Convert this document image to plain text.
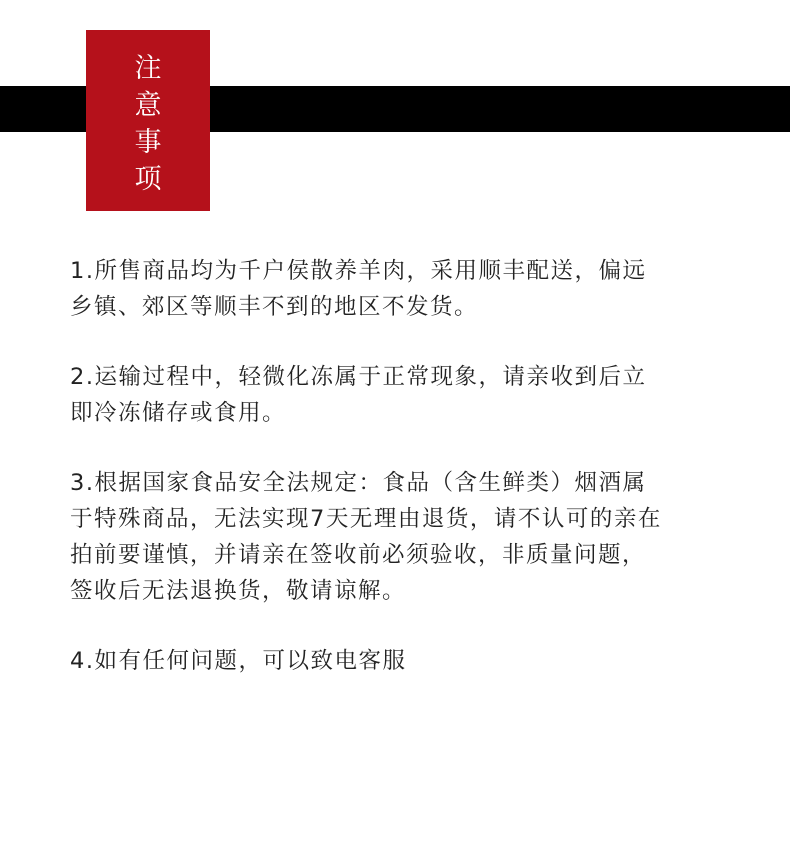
注
意
事
项
1.所售商品均为千户侯散养羊肉，采用顺丰配送，偏远
乡镇、郊区等顺丰不到的地区不发货。
2.运输过程中，轻微化冻属于正常现象，请亲收到后立
即冷冻储存或食用。
3.根据国家食品安全法规定：食品（含生鲜类）烟酒属
于特殊商品，无法实现7天无理由退货，请不认可的亲在
拍前要谨慎，并请亲在签收前必须验收，非质量问题，
签收后无法退换货，敬请谅解。
4.如有任何问题，可以致电客服
